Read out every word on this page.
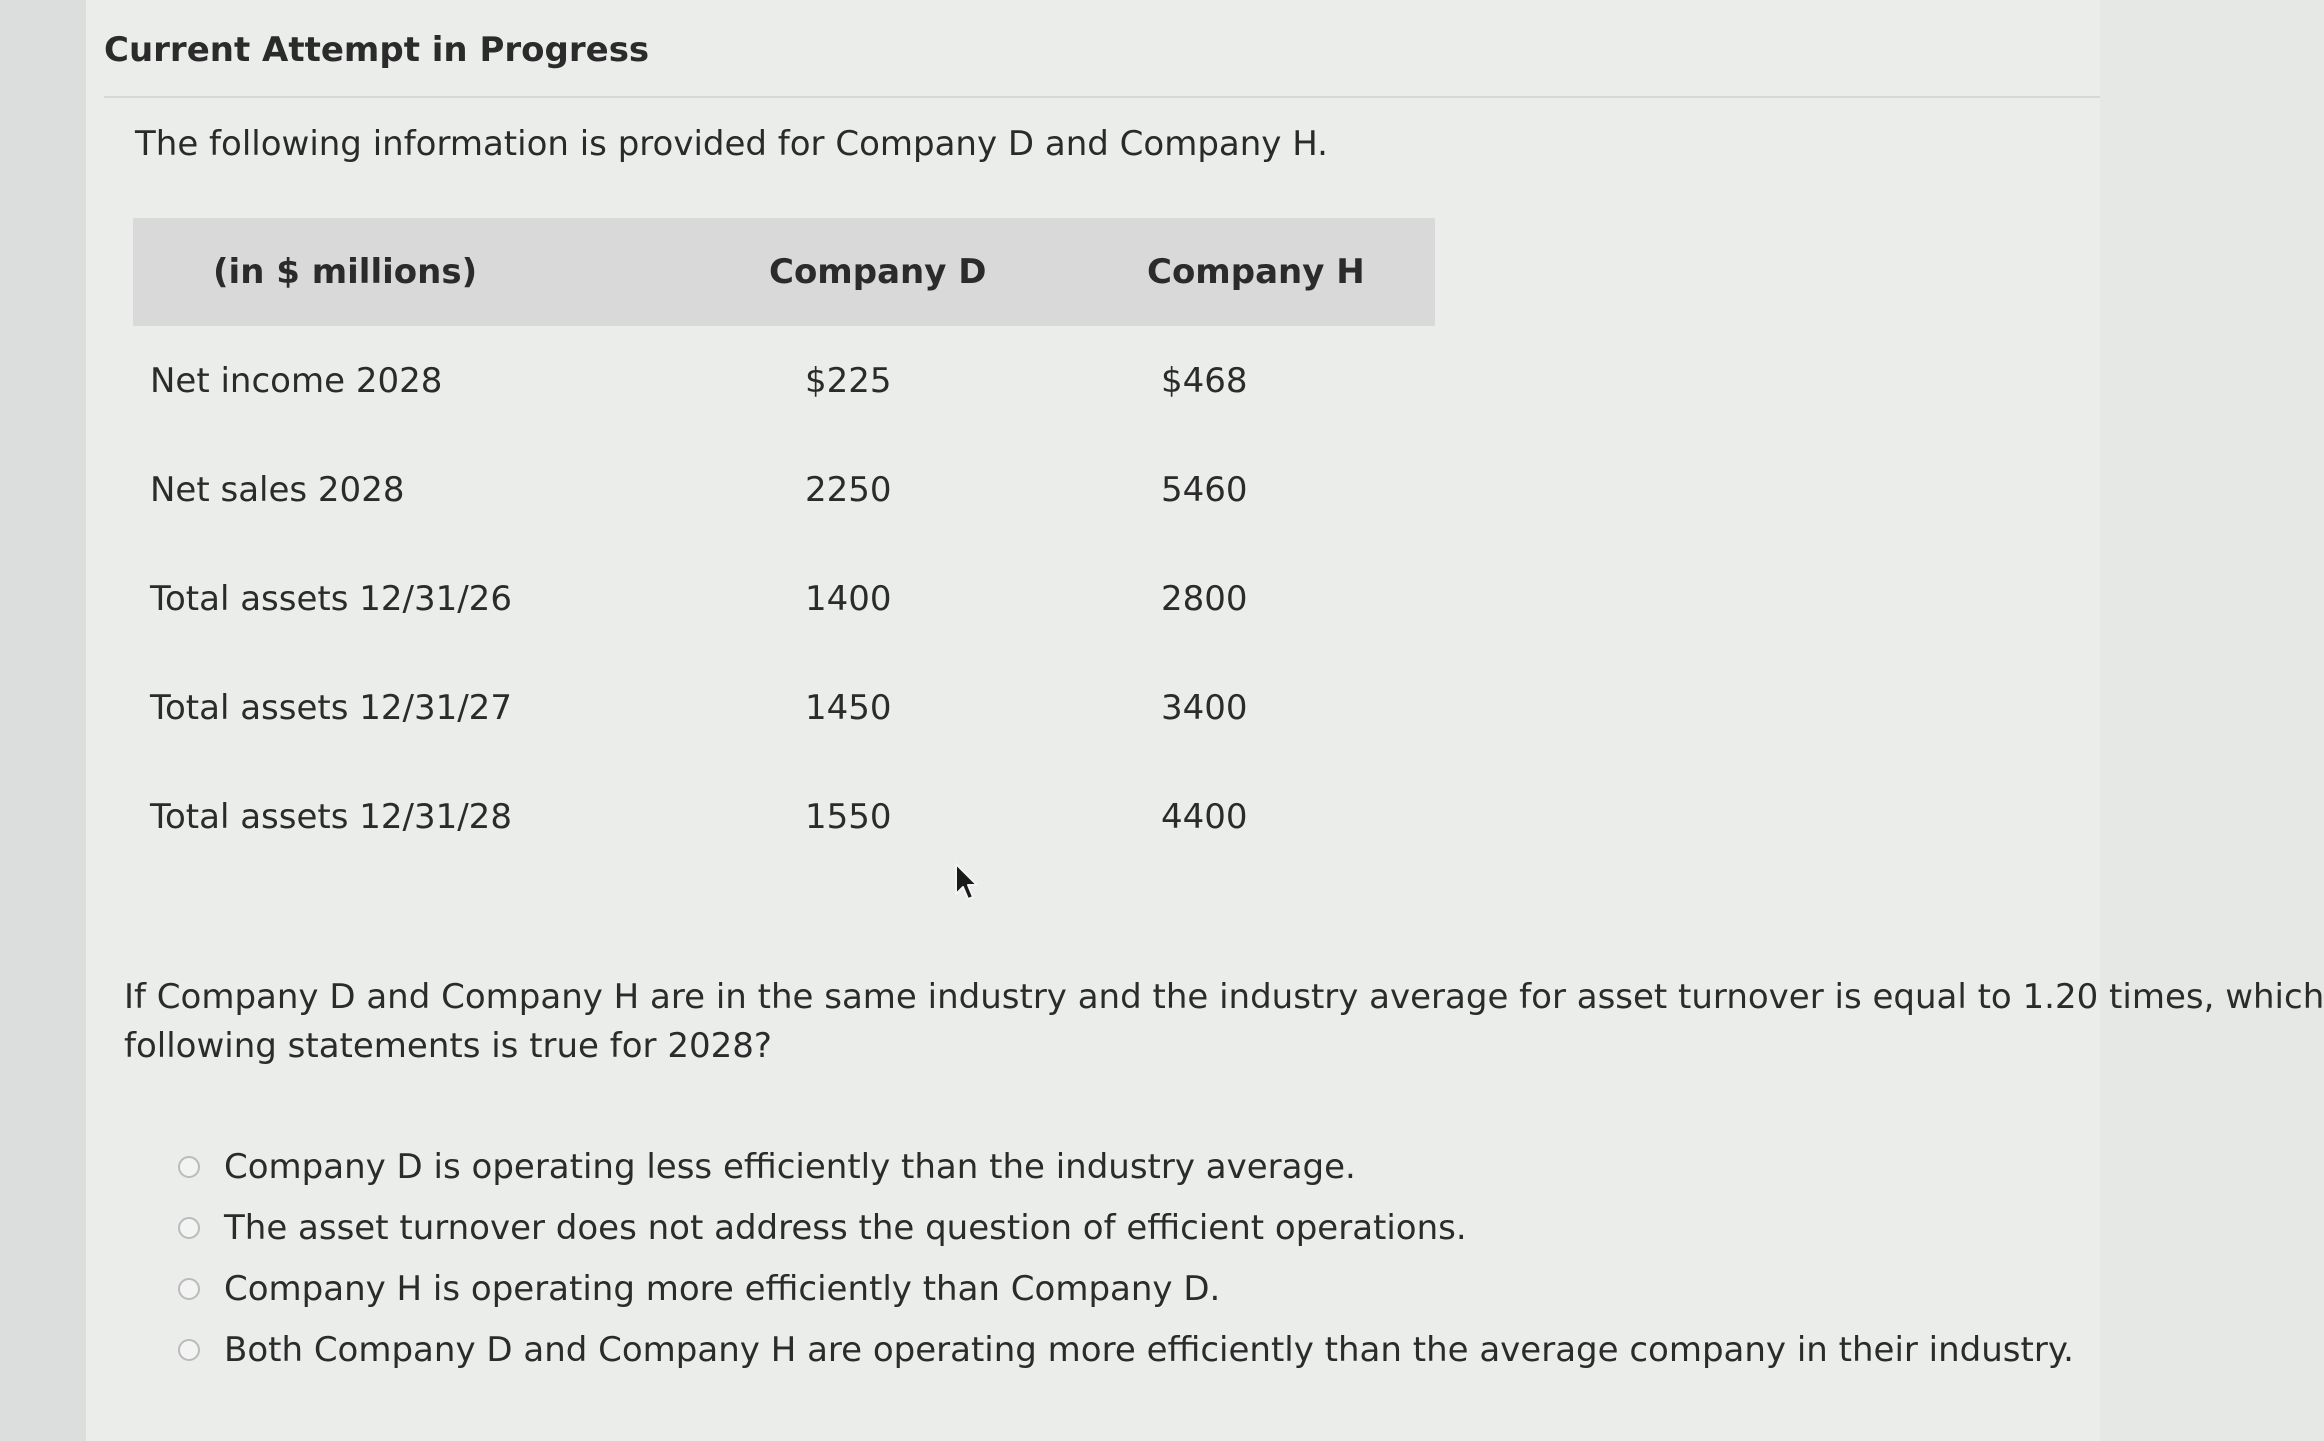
Current Attempt in Progress
The following information is provided for Company D and Company H.
(in $ millions)	Company D	Company H
Net income 2028	$225	$468
Net sales 2028	2250	5460
Total assets 12/31/26	1400	2800
Total assets 12/31/27	1450	3400
Total assets 12/31/28	1550	4400
If Company D and Company H are in the same industry and the industry average for asset turnover is equal to 1.20 times, which
following statements is true for 2028?
Company D is operating less efficiently than the industry average.
The asset turnover does not address the question of efficient operations.
Company H is operating more efficiently than Company D.
Both Company D and Company H are operating more efficiently than the average company in their industry.
